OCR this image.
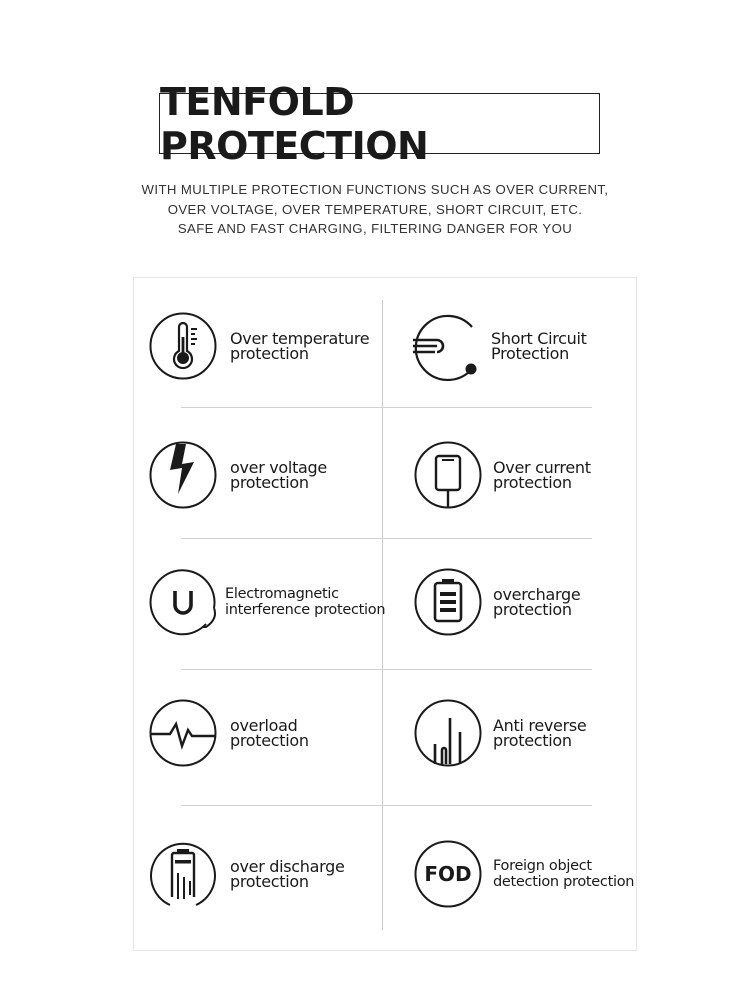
TENFOLD PROTECTION
WITH MULTIPLE PROTECTION FUNCTIONS SUCH AS OVER CURRENT,
OVER VOLTAGE, OVER TEMPERATURE, SHORT CIRCUIT, ETC.
SAFE AND FAST CHARGING, FILTERING DANGER FOR YOU
Over temperature
protection
Short Circuit
Protection
over voltage
protection
Over current
protection
Electromagnetic
interference protection
overcharge
protection
overload
protection
Anti reverse
protection
over discharge
protection	FOD Foreign object
detection protection
